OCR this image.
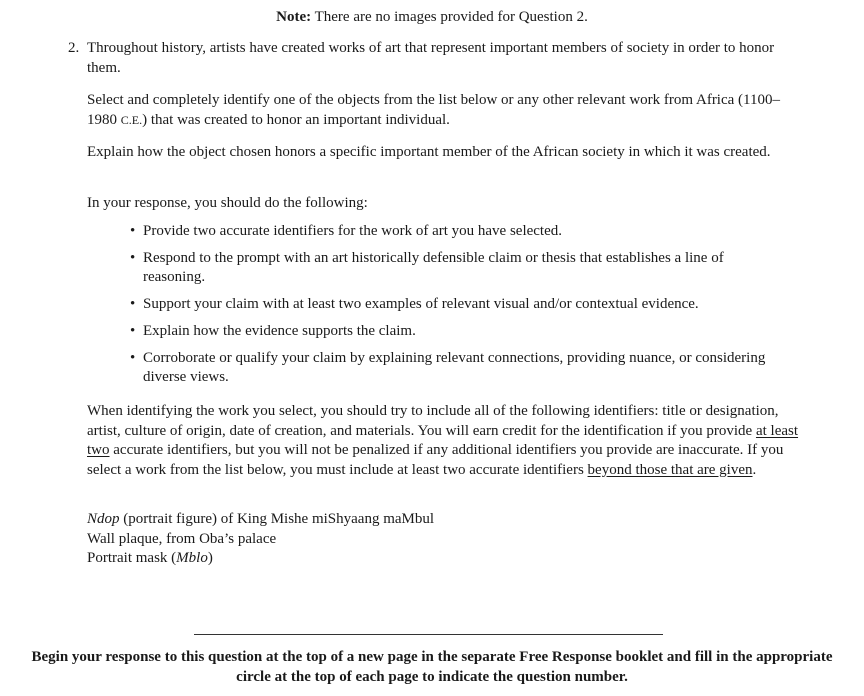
Note: There are no images provided for Question 2.
2. Throughout history, artists have created works of art that represent important members of society in order to honor them.
Select and completely identify one of the objects from the list below or any other relevant work from Africa (1100–1980 C.E.) that was created to honor an important individual.
Explain how the object chosen honors a specific important member of the African society in which it was created.
In your response, you should do the following:
• Provide two accurate identifiers for the work of art you have selected.
• Respond to the prompt with an art historically defensible claim or thesis that establishes a line of reasoning.
• Support your claim with at least two examples of relevant visual and/or contextual evidence.
• Explain how the evidence supports the claim.
• Corroborate or qualify your claim by explaining relevant connections, providing nuance, or considering diverse views.
When identifying the work you select, you should try to include all of the following identifiers: title or designation, artist, culture of origin, date of creation, and materials. You will earn credit for the identification if you provide at least two accurate identifiers, but you will not be penalized if any additional identifiers you provide are inaccurate. If you select a work from the list below, you must include at least two accurate identifiers beyond those that are given.
Ndop (portrait figure) of King Mishe miShyaang maMbul
Wall plaque, from Oba’s palace
Portrait mask (Mblo)
Begin your response to this question at the top of a new page in the separate Free Response booklet and fill in the appropriate circle at the top of each page to indicate the question number.
